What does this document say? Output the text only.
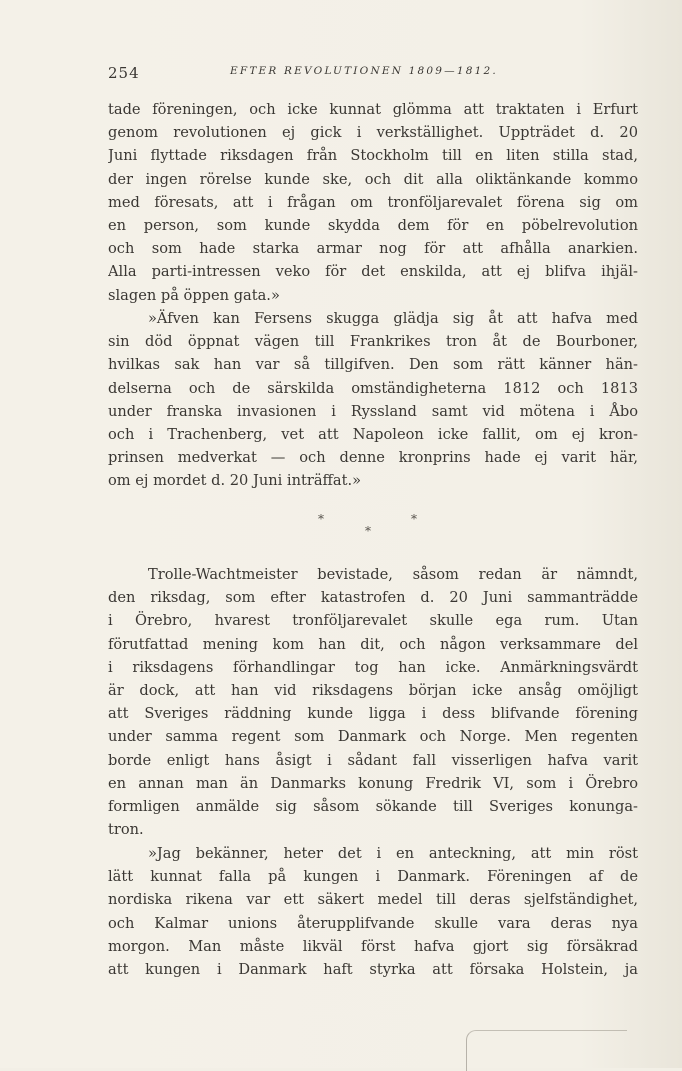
254	EFTER REVOLUTIONEN 1809—1812.
tade föreningen, och icke kunnat glömma att traktaten i Erfurt
genom revolutionen ej gick i verkställighet. Uppträdet d. 20
Juni flyttade riksdagen från Stockholm till en liten stilla stad,
der ingen rörelse kunde ske, och dit alla oliktänkande kommo
med föresats, att i frågan om tronföljarevalet förena sig om
en person, som kunde skydda dem för en pöbelrevolution
och som hade starka armar nog för att afhålla anarkien.
Alla parti-intressen veko för det enskilda, att ej blifva ihjäl-
slagen på öppen gata.»
»Äfven kan Fersens skugga glädja sig åt att hafva med
sin död öppnat vägen till Frankrikes tron åt de Bourboner,
hvilkas sak han var så tillgifven. Den som rätt känner hän-
delserna och de särskilda omständigheterna 1812 och 1813
under franska invasionen i Ryssland samt vid mötena i Åbo
och i Trachenberg, vet att Napoleon icke fallit, om ej kron-
prinsen medverkat — och denne kronprins hade ej varit här,
om ej mordet d. 20 Juni inträffat.»
*	*
*
Trolle-Wachtmeister bevistade, såsom redan är nämndt,
den riksdag, som efter katastrofen d. 20 Juni sammanträdde
i Örebro, hvarest tronföljarevalet skulle ega rum. Utan
förutfattad mening kom han dit, och någon verksammare del
i riksdagens förhandlingar tog han icke. Anmärkningsvärdt
är dock, att han vid riksdagens början icke ansåg omöjligt
att Sveriges räddning kunde ligga i dess blifvande förening
under samma regent som Danmark och Norge. Men regenten
borde enligt hans åsigt i sådant fall visserligen hafva varit
en annan man än Danmarks konung Fredrik VI, som i Örebro
formligen anmälde sig såsom sökande till Sveriges konunga-
tron.
»Jag bekänner, heter det i en anteckning, att min röst
lätt kunnat falla på kungen i Danmark. Föreningen af de
nordiska rikena var ett säkert medel till deras sjelfständighet,
och Kalmar unions återupplifvande skulle vara deras nya
morgon. Man måste likväl först hafva gjort sig försäkrad
att kungen i Danmark haft styrka att försaka Holstein, ja
